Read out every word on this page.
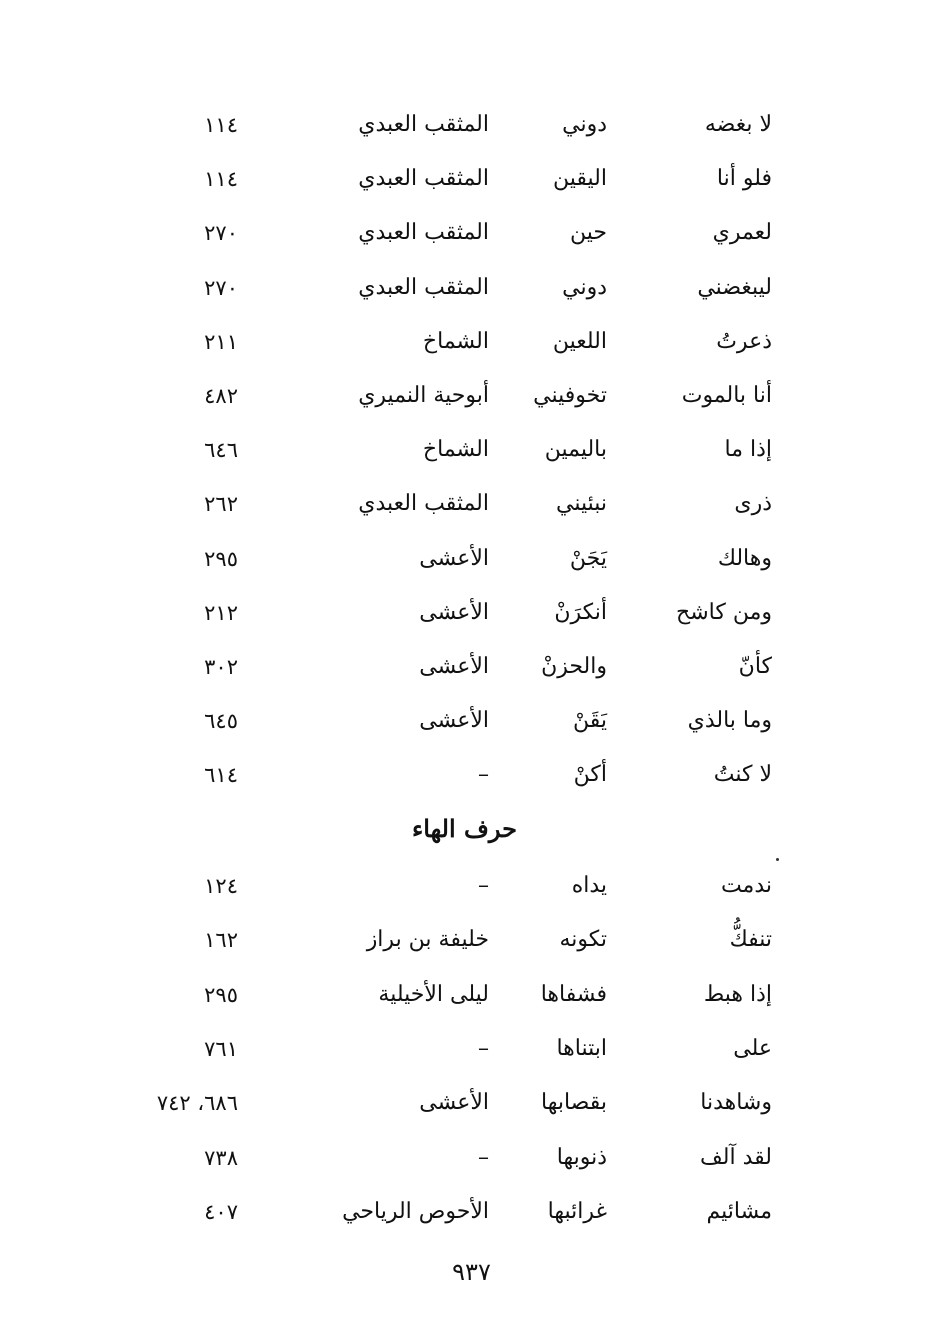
لا بغضه
دوني
المثقب العبدي
١١٤
فلو أنا
اليقين
المثقب العبدي
١١٤
لعمري
حين
المثقب العبدي
٢٧٠
ليبغضني
دوني
المثقب العبدي
٢٧٠
ذعرتُ
اللعين
الشماخ
٢١١
أنا بالموت
تخوفيني
أبوحية النميري
٤٨٢
إذا ما
باليمين
الشماخ
٦٤٦
ذرى
نبئيني
المثقب العبدي
٢٦٢
وهالك
يَجَنْ
الأعشى
٢٩٥
ومن كاشح
أنكرَنْ
الأعشى
٢١٢
كأنّ
والحزنْ
الأعشى
٣٠٢
وما بالذي
يَقَنْ
الأعشى
٦٤٥
لا كنتُ
أكنْ
–
٦١٤
حرف الهاء
ندمت
يداه
–
١٢٤
تنفكُّ
تكونه
خليفة بن براز
١٦٢
إذا هبط
فشفاها
ليلى الأخيلية
٢٩٥
على
ابتناها
–
٧٦١
وشاهدنا
بقصابها
الأعشى
٦٨٦، ٧٤٢
لقد آلف
ذنوبها
–
٧٣٨
مشائيم
غرائبها
الأحوص الرياحي
٤٠٧
٩٣٧
